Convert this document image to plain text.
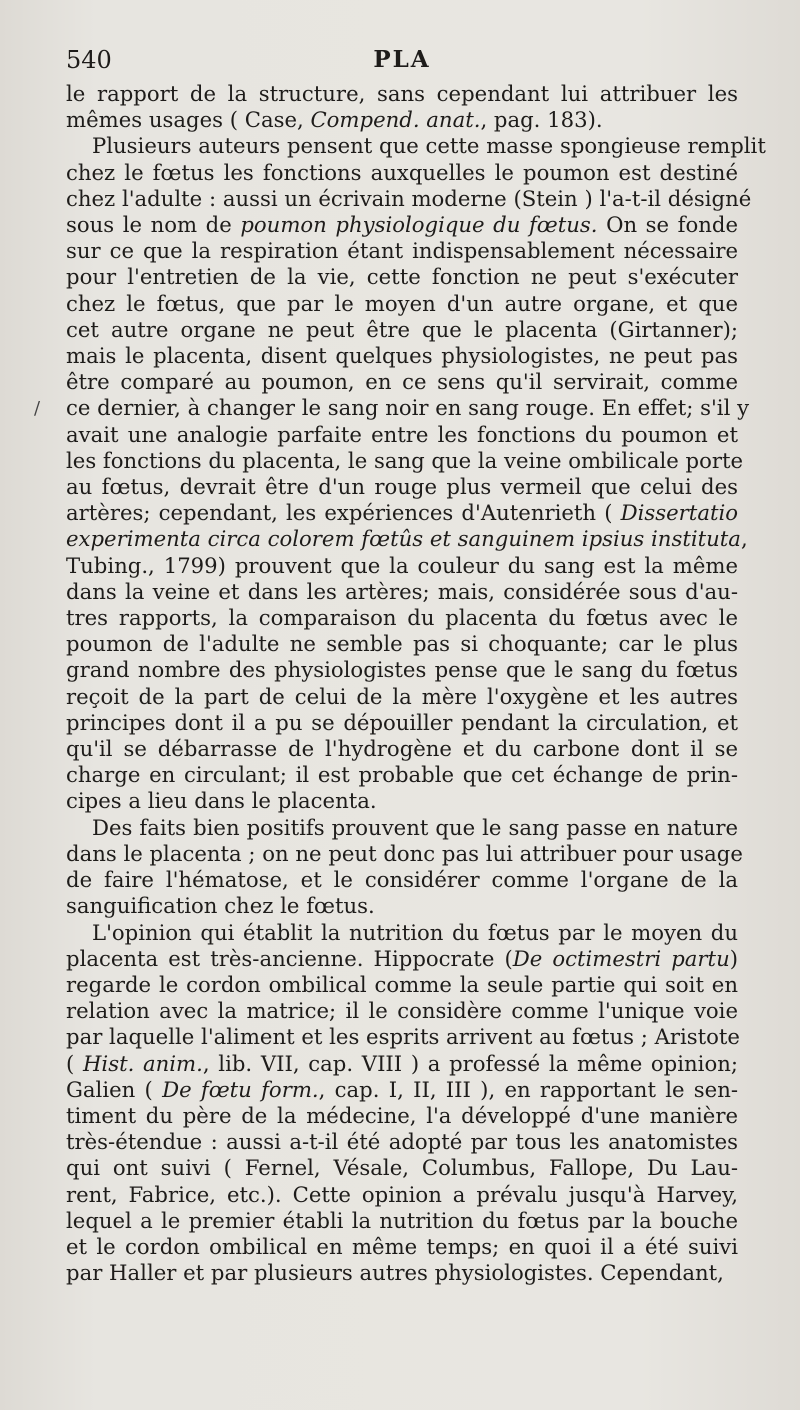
540	PLA
/
le rapport de la structure, sans cependant lui attribuer les
mêmes usages ( Case, Compend. anat., pag. 183).
Plusieurs auteurs pensent que cette masse spongieuse remplit
chez le fœtus les fonctions auxquelles le poumon est destiné
chez l'adulte : aussi un écrivain moderne (Stein ) l'a-t-il désigné
sous le nom de poumon physiologique du fœtus. On se fonde
sur ce que la respiration étant indispensablement nécessaire
pour l'entretien de la vie, cette fonction ne peut s'exécuter
chez le fœtus, que par le moyen d'un autre organe, et que
cet autre organe ne peut être que le placenta (Girtanner);
mais le placenta, disent quelques physiologistes, ne peut pas
être comparé au poumon, en ce sens qu'il servirait, comme
ce dernier, à changer le sang noir en sang rouge. En effet; s'il y
avait une analogie parfaite entre les fonctions du poumon et
les fonctions du placenta, le sang que la veine ombilicale porte
au fœtus, devrait être d'un rouge plus vermeil que celui des
artères; cependant, les expériences d'Autenrieth ( Dissertatio
experimenta circa colorem fœtûs et sanguinem ipsius instituta,
Tubing., 1799) prouvent que la couleur du sang est la même
dans la veine et dans les artères; mais, considérée sous d'au-
tres rapports, la comparaison du placenta du fœtus avec le
poumon de l'adulte ne semble pas si choquante; car le plus
grand nombre des physiologistes pense que le sang du fœtus
reçoit de la part de celui de la mère l'oxygène et les autres
principes dont il a pu se dépouiller pendant la circulation, et
qu'il se débarrasse de l'hydrogène et du carbone dont il se
charge en circulant; il est probable que cet échange de prin-
cipes a lieu dans le placenta.
Des faits bien positifs prouvent que le sang passe en nature
dans le placenta ; on ne peut donc pas lui attribuer pour usage
de faire l'hématose, et le considérer comme l'organe de la
sanguification chez le fœtus.
L'opinion qui établit la nutrition du fœtus par le moyen du
placenta est très-ancienne. Hippocrate (De octimestri partu)
regarde le cordon ombilical comme la seule partie qui soit en
relation avec la matrice; il le considère comme l'unique voie
par laquelle l'aliment et les esprits arrivent au fœtus ; Aristote
( Hist. anim., lib. VII, cap. VIII ) a professé la même opinion;
Galien ( De fœtu form., cap. I, II, III ), en rapportant le sen-
timent du père de la médecine, l'a développé d'une manière
très-étendue : aussi a-t-il été adopté par tous les anatomistes
qui ont suivi ( Fernel, Vésale, Columbus, Fallope, Du Lau-
rent, Fabrice, etc.). Cette opinion a prévalu jusqu'à Harvey,
lequel a le premier établi la nutrition du fœtus par la bouche
et le cordon ombilical en même temps; en quoi il a été suivi
par Haller et par plusieurs autres physiologistes. Cependant,
